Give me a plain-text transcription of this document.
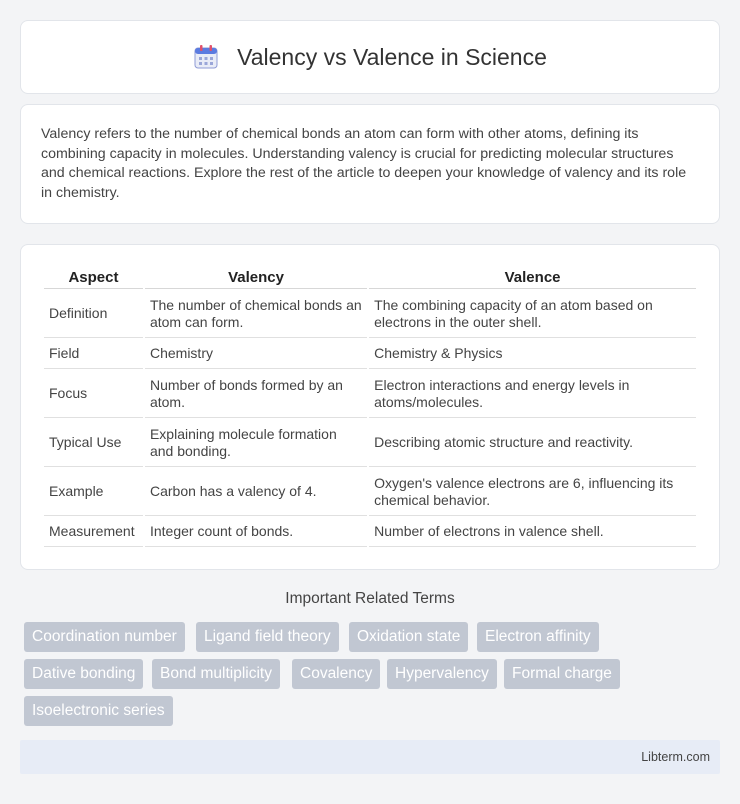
Valency vs Valence in Science

Valency refers to the number of chemical bonds an atom can form with other atoms, defining its combining capacity in molecules. Understanding valency is crucial for predicting molecular structures and chemical reactions. Explore the rest of the article to deepen your knowledge of valency and its role in chemistry.

Aspect	Valency	Valence
Definition	The number of chemical bonds an atom can form.	The combining capacity of an atom based on electrons in the outer shell.
Field	Chemistry	Chemistry & Physics
Focus	Number of bonds formed by an atom.	Electron interactions and energy levels in atoms/molecules.
Typical Use	Explaining molecule formation and bonding.	Describing atomic structure and reactivity.
Example	Carbon has a valency of 4.	Oxygen's valence electrons are 6, influencing its chemical behavior.
Measurement	Integer count of bonds.	Number of electrons in valence shell.
Important Related Terms
Coordination number	Ligand field theory	Oxidation state	Electron affinity
Dative bonding	Bond multiplicity	Covalency	Hypervalency	Formal charge
Isoelectronic series
Libterm.com
